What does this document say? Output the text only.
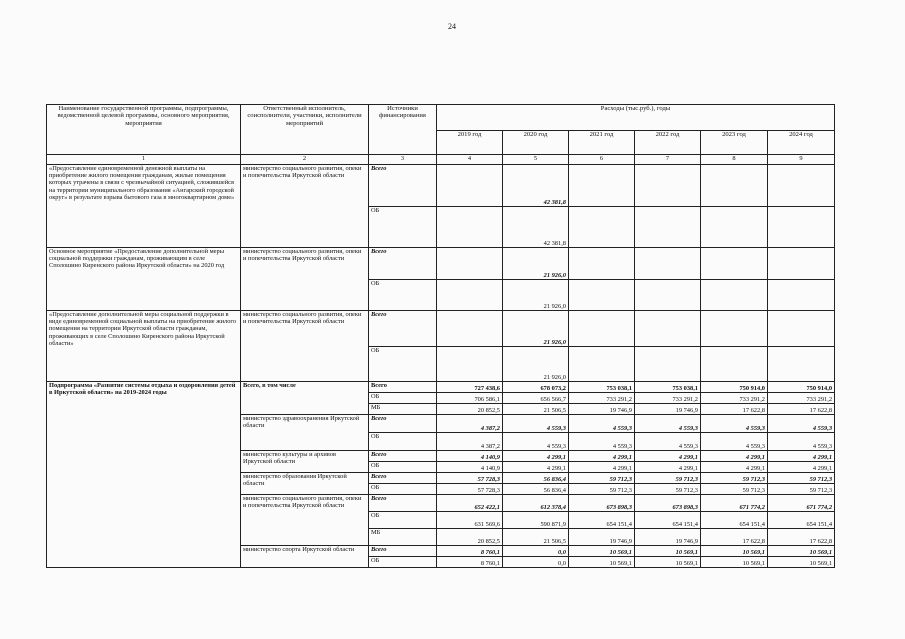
24
Наименование государственной программы, подпрограммы, ведомственной целевой программы, основного мероприятия, мероприятия	Ответственный исполнитель, соисполнители, участники, исполнители мероприятий	Источники финансирования	Расходы (тыс.руб.), годы					
			2019 год	2020 год	2021 год	2022 год	2023 год	2024 год
1	2	3	4	5	6	7	8	9
«Предоставление единовременной денежной выплаты на приобретение жилого помещения гражданам, жилые помещения которых утрачены в связи с чрезвычайной ситуацией, сложившейся на территории муниципального образования «Ангарский городской округ» в результате взрыва бытового газа в многоквартирном доме»	министерство социального развития, опеки и попечительства Иркутской области	Всего		42 381,8				
		ОБ		42 381,8				
Основное мероприятие «Предоставление дополнительной меры социальной поддержки гражданам, проживающим в селе Сполошино Киренского района Иркутской области» на 2020 год	министерство социального развития, опеки и попечительства Иркутской области	Всего		21 926,0				
		ОБ		21 926,0				
«Предоставление дополнительной меры социальной поддержки в виде единовременной социальной выплаты на приобретение жилого помещения на территории Иркутской области гражданам, проживающих в селе Сполошино Киренского района Иркутской области»	министерство социального развития, опеки и попечительства Иркутской области	Всего		21 926,0				
		ОБ		21 926,0				
Подпрограмма «Развитие системы отдыха и оздоровления детей в Иркутской области» на 2019-2024 годы	Всего, в том числе	Всего	727 438,6	678 073,2	753 038,1	753 038,1	750 914,0	750 914,0
		ОБ	706 586,1	656 566,7	733 291,2	733 291,2	733 291,2	733 291,2
		МБ	20 852,5	21 506,5	19 746,9	19 746,9	17 622,8	17 622,8
	министерство здравоохранения Иркутской области	Всего	4 387,2	4 559,3	4 559,3	4 559,3	4 559,3	4 559,3
		ОБ	4 387,2	4 559,3	4 559,3	4 559,3	4 559,3	4 559,3
	министерство культуры и архивов Иркутской области	Всего	4 140,9	4 299,1	4 299,1	4 299,1	4 299,1	4 299,1
		ОБ	4 140,9	4 299,1	4 299,1	4 299,1	4 299,1	4 299,1
	министерство образования Иркутской области	Всего	57 728,3	56 836,4	59 712,3	59 712,3	59 712,3	59 712,3
		ОБ	57 728,3	56 836,4	59 712,3	59 712,3	59 712,3	59 712,3
	министерство социального развития, опеки и попечительства Иркутской области	Всего	652 422,1	612 378,4	673 898,3	673 898,3	671 774,2	671 774,2
		ОБ	631 569,6	590 871,9	654 151,4	654 151,4	654 151,4	654 151,4
		МБ	20 852,5	21 506,5	19 746,9	19 746,9	17 622,8	17 622,8
	министерство спорта Иркутской области	Всего	8 760,1	0,0	10 569,1	10 569,1	10 569,1	10 569,1
		ОБ	8 760,1	0,0	10 569,1	10 569,1	10 569,1	10 569,1
